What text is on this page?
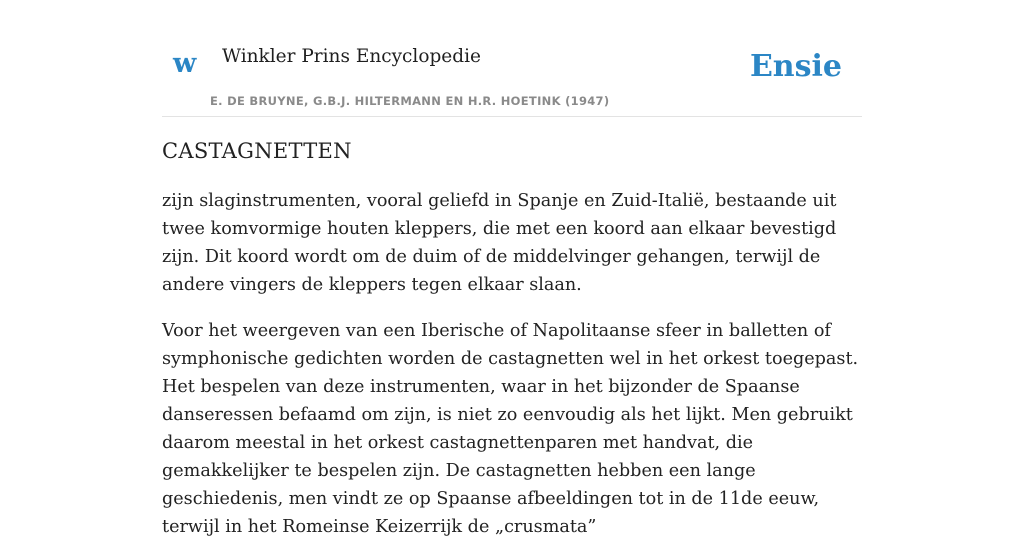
w Winkler Prins Encyclopedie	Ensie
E. DE BRUYNE, G.B.J. HILTERMANN EN H.R. HOETINK (1947)
CASTAGNETTEN

zijn slaginstrumenten, vooral geliefd in Spanje en Zuid-Italië, bestaande uit twee komvormige houten kleppers, die met een koord aan elkaar bevestigd zijn. Dit koord wordt om de duim of de middelvinger gehangen, terwijl de andere vingers de kleppers tegen elkaar slaan.

Voor het weergeven van een Iberische of Napolitaanse sfeer in balletten of symphonische gedichten worden de castagnetten wel in het orkest toegepast. Het bespelen van deze instrumenten, waar in het bijzonder de Spaanse danseressen befaamd om zijn, is niet zo eenvoudig als het lijkt. Men gebruikt daarom meestal in het orkest castagnettenparen met handvat, die gemakkelijker te bespelen zijn. De castagnetten hebben een lange geschiedenis, men vindt ze op Spaanse afbeeldingen tot in de 11de eeuw, terwijl in het Romeinse Keizerrijk de „crusmata”
